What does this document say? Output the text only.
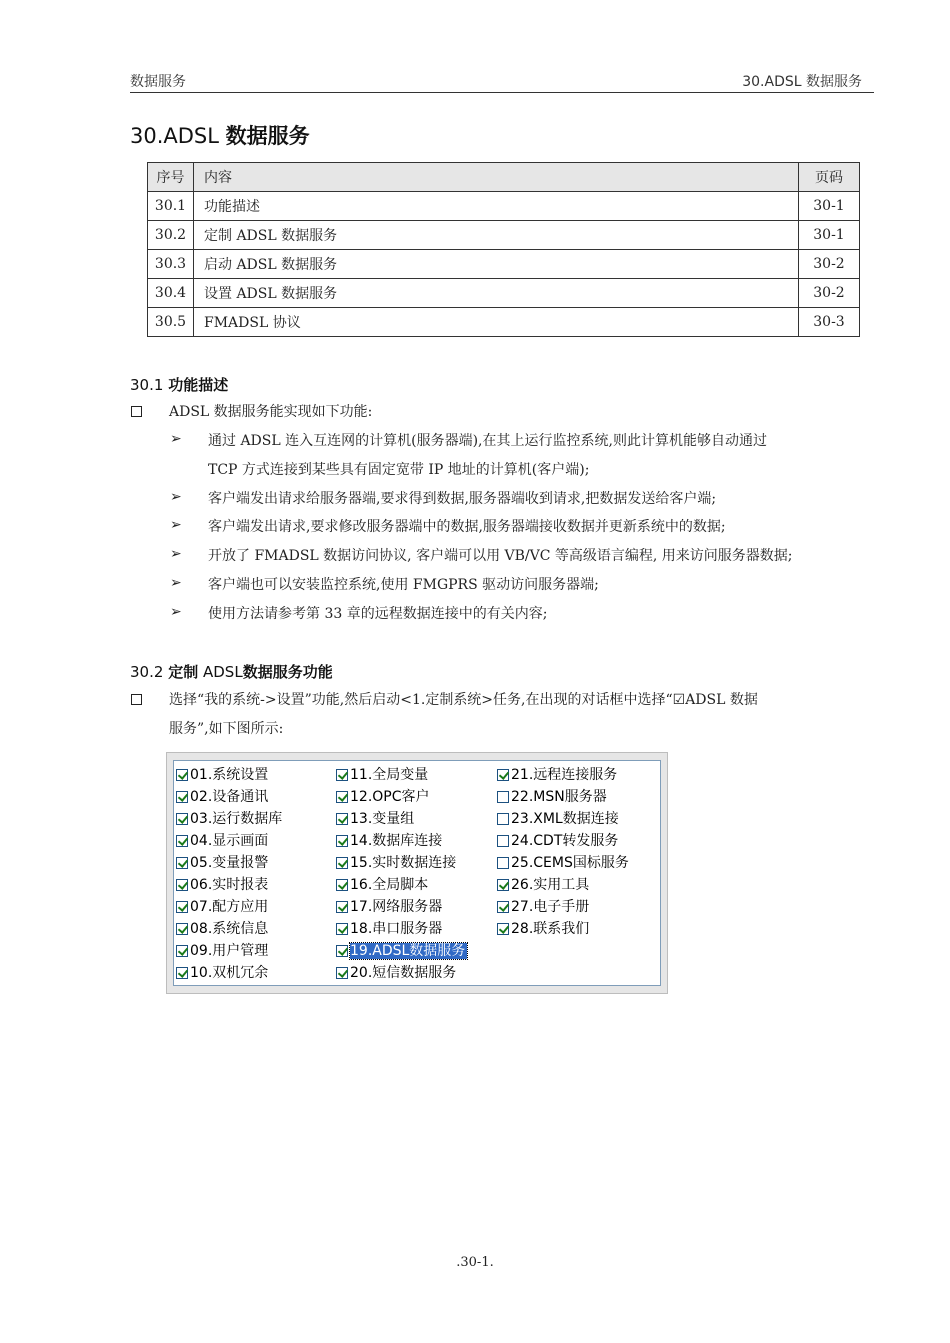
数据服务	30.ADSL 数据服务
30.ADSL 数据服务
序号	内容	页码
30.1	功能描述	30-1
30.2	定制 ADSL 数据服务	30-1
30.3	启动 ADSL 数据服务	30-2
30.4	设置 ADSL 数据服务	30-2
30.5	FMADSL 协议	30-3
30.1 功能描述
ADSL 数据服务能实现如下功能:
➢ 通过 ADSL 连入互连网的计算机(服务器端),在其上运行监控系统,则此计算机能够自动通过
TCP 方式连接到某些具有固定宽带 IP 地址的计算机(客户端);
➢ 客户端发出请求给服务器端,要求得到数据,服务器端收到请求,把数据发送给客户端;
➢ 客户端发出请求,要求修改服务器端中的数据,服务器端接收数据并更新系统中的数据;
➢ 开放了 FMADSL 数据访问协议, 客户端可以用 VB/VC 等高级语言编程, 用来访问服务器数据;
➢ 客户端也可以安装监控系统,使用 FMGPRS 驱动访问服务器端;
➢ 使用方法请参考第 33 章的远程数据连接中的有关内容;
30.2 定制 ADSL数据服务功能
选择“我的系统->设置”功能,然后启动<1.定制系统>任务,在出现的对话框中选择“☑ADSL 数据
服务”,如下图所示:
01.系统设置
02.设备通讯
03.运行数据库
04.显示画面
05.变量报警
06.实时报表
07.配方应用
08.系统信息
09.用户管理
10.双机冗余
11.全局变量
12.OPC客户
13.变量组
14.数据库连接
15.实时数据连接
16.全局脚本
17.网络服务器
18.串口服务器
19.ADSL数据服务
20.短信数据服务
21.远程连接服务
22.MSN服务器
23.XML数据连接
24.CDT转发服务
25.CEMS国标服务
26.实用工具
27.电子手册
28.联系我们
.30-1.
